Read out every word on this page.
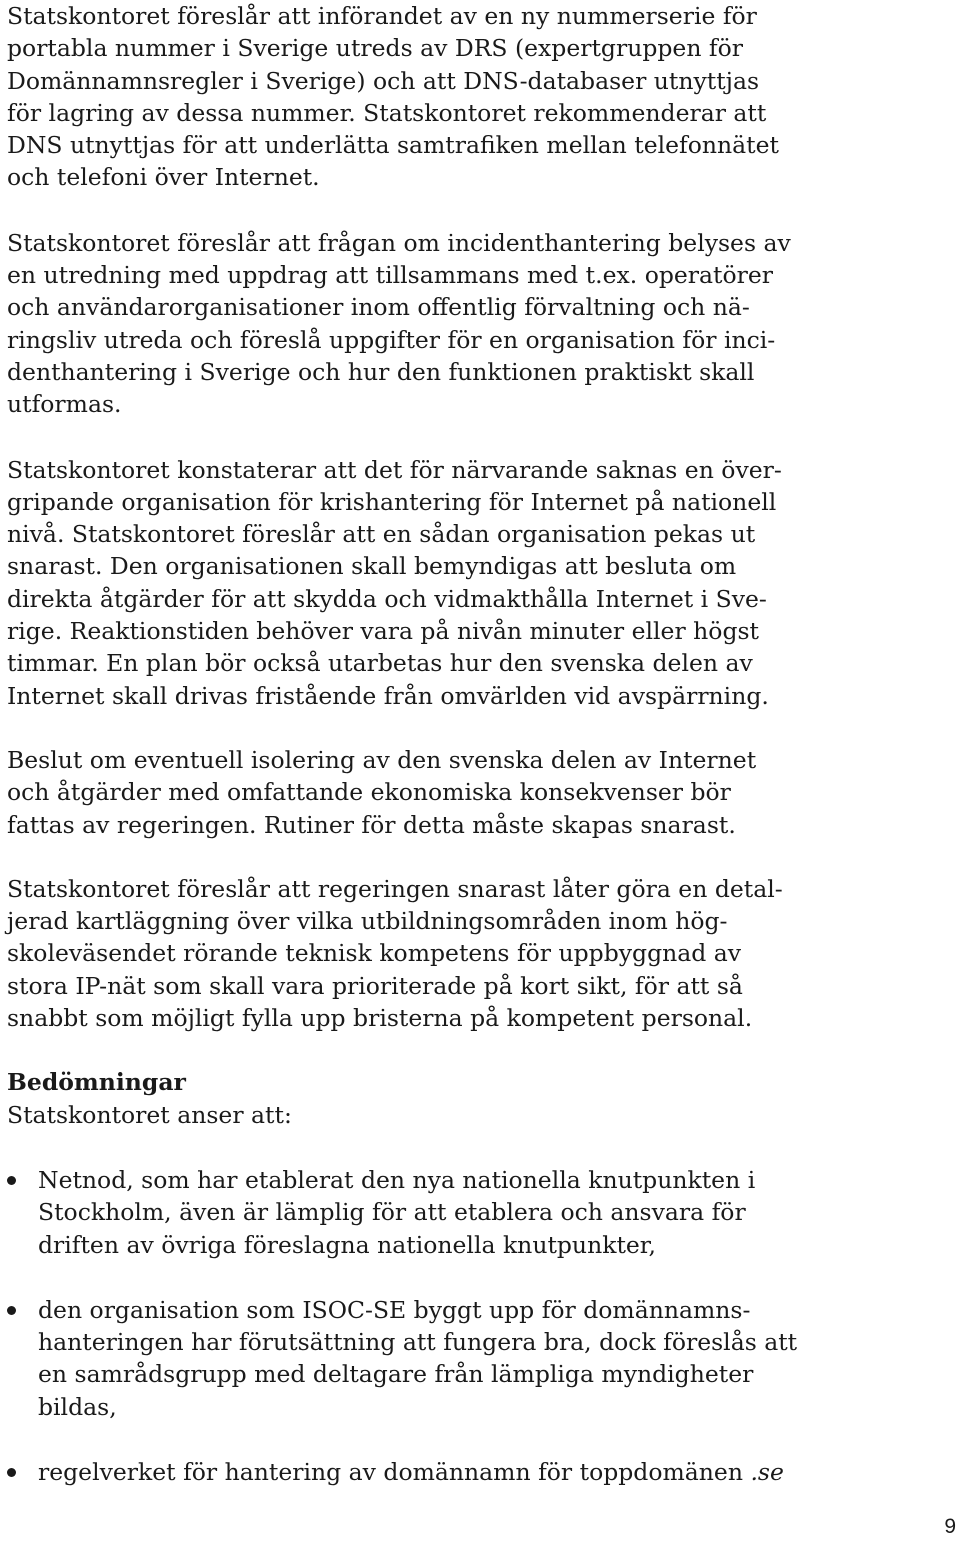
Statskontoret föreslår att införandet av en ny nummerserie för
portabla nummer i Sverige utreds av DRS (expertgruppen för
Domännamnsregler i Sverige) och att DNS-databaser utnyttjas
för lagring av dessa nummer. Statskontoret rekommenderar att
DNS utnyttjas för att underlätta samtrafiken mellan telefonnätet
och telefoni över Internet.

Statskontoret föreslår att frågan om incidenthantering belyses av
en utredning med uppdrag att tillsammans med t.ex. operatörer
och användarorganisationer inom offentlig förvaltning och nä-
ringsliv utreda och föreslå uppgifter för en organisation för inci-
denthantering i Sverige och hur den funktionen praktiskt skall
utformas.

Statskontoret konstaterar att det för närvarande saknas en över-
gripande organisation för krishantering för Internet på nationell
nivå. Statskontoret föreslår att en sådan organisation pekas ut
snarast. Den organisationen skall bemyndigas att besluta om
direkta åtgärder för att skydda och vidmakthålla Internet i Sve-
rige. Reaktionstiden behöver vara på nivån minuter eller högst
timmar. En plan bör också utarbetas hur den svenska delen av
Internet skall drivas fristående från omvärlden vid avspärrning.

Beslut om eventuell isolering av den svenska delen av Internet
och åtgärder med omfattande ekonomiska konsekvenser bör
fattas av regeringen. Rutiner för detta måste skapas snarast.

Statskontoret föreslår att regeringen snarast låter göra en detal-
jerad kartläggning över vilka utbildningsområden inom hög-
skoleväsendet rörande teknisk kompetens för uppbyggnad av
stora IP-nät som skall vara prioriterade på kort sikt, för att så
snabbt som möjligt fylla upp bristerna på kompetent personal.

Bedömningar

Statskontoret anser att:

Netnod, som har etablerat den nya nationella knutpunkten i
Stockholm, även är lämplig för att etablera och ansvara för
driften av övriga föreslagna nationella knutpunkter,
den organisation som ISOC-SE byggt upp för domännamns-
hanteringen har förutsättning att fungera bra, dock föreslås att
en samrådsgrupp med deltagare från lämpliga myndigheter
bildas,
regelverket för hantering av domännamn för toppdomänen .se
9
